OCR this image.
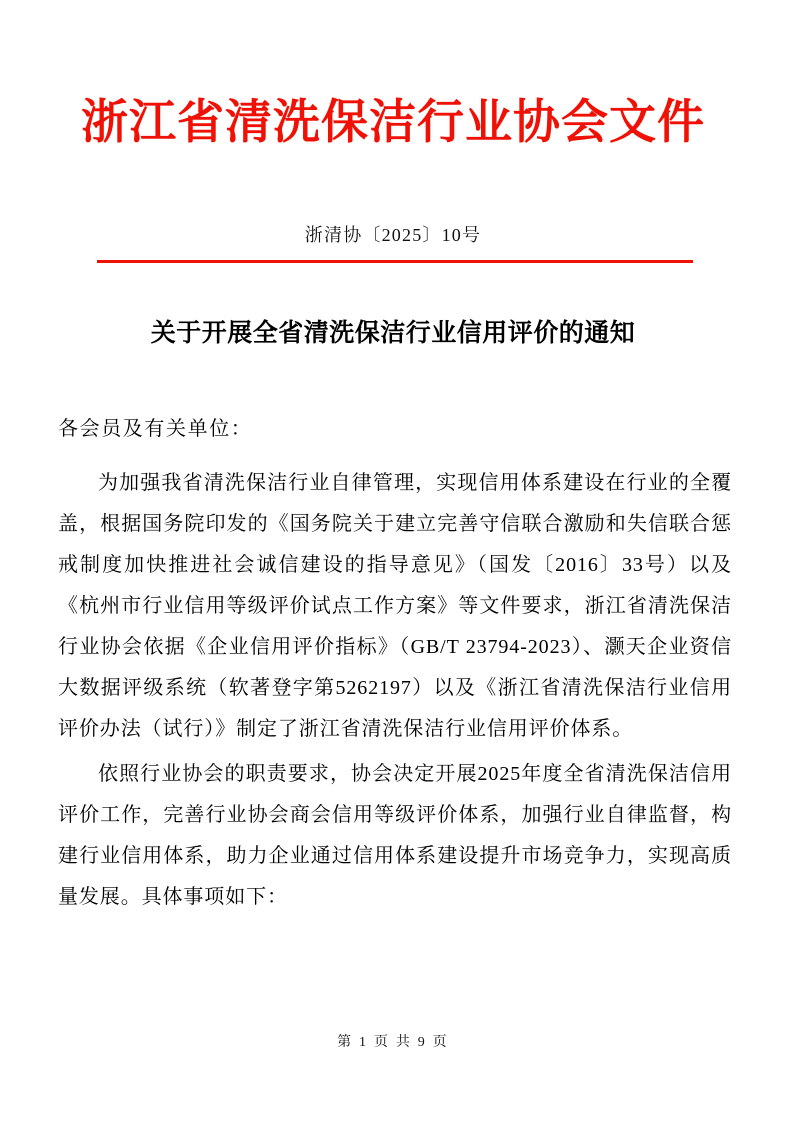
浙江省清洗保洁行业协会文件
浙清协〔2025〕10号
关于开展全省清洗保洁行业信用评价的通知

各会员及有关单位：

为加强我省清洗保洁行业自律管理，实现信用体系建设在行业的全覆盖，根据国务院印发的《国务院关于建立完善守信联合激励和失信联合惩戒制度加快推进社会诚信建设的指导意见》（国发〔2016〕33号）以及《杭州市行业信用等级评价试点工作方案》等文件要求，浙江省清洗保洁行业协会依据《企业信用评价指标》（GB/T 23794-2023）、灏天企业资信大数据评级系统（软著登字第5262197）以及《浙江省清洗保洁行业信用评价办法（试行）》制定了浙江省清洗保洁行业信用评价体系。

依照行业协会的职责要求，协会决定开展2025年度全省清洗保洁信用评价工作，完善行业协会商会信用等级评价体系，加强行业自律监督，构建行业信用体系，助力企业通过信用体系建设提升市场竞争力，实现高质量发展。具体事项如下：

第 1 页 共 9 页
